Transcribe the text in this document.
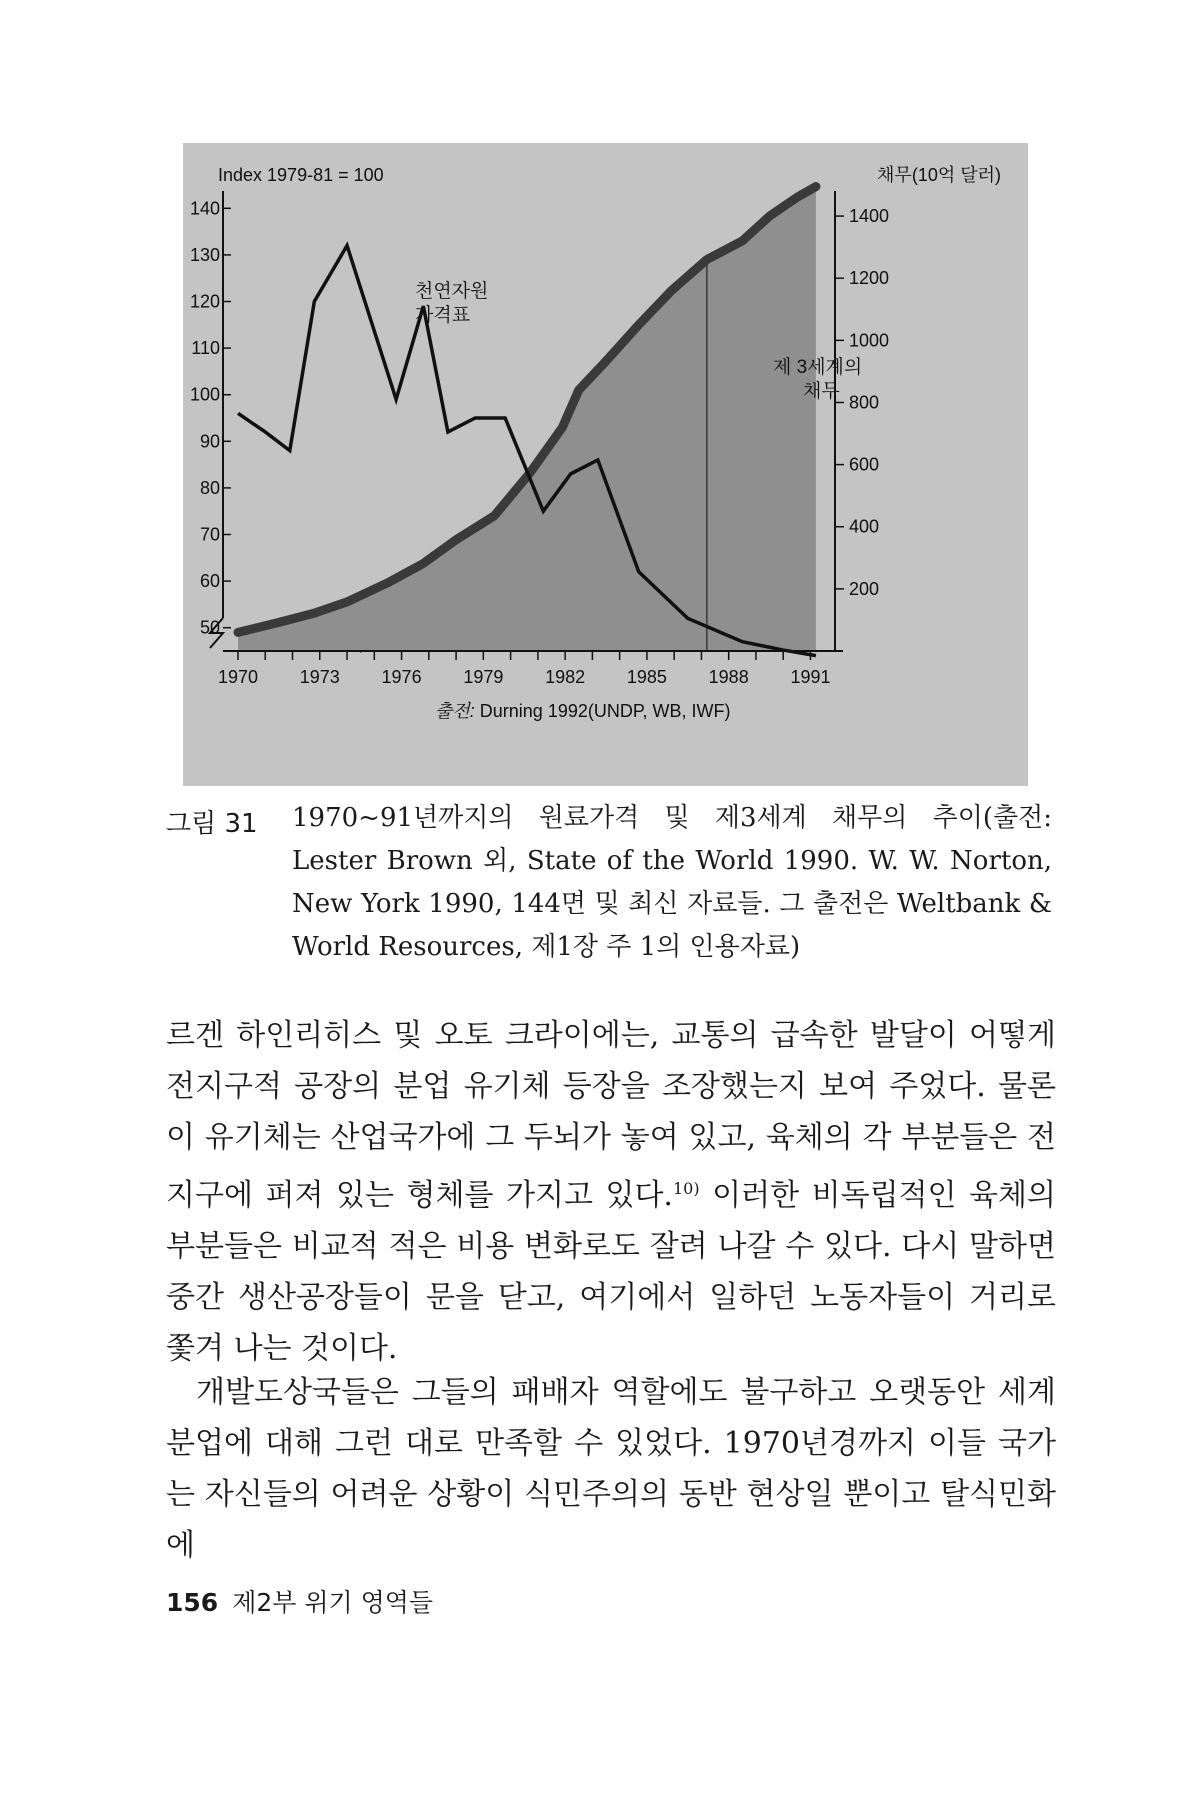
140
130
120
110
100
90
80
70
60
50
1400
1200
1000
800
600
400
200
1970 1973 1976 1979 1982 1985 1988 1991
Index 1979-81 = 100	채무(10억 달러)
천연자원
가격표
제 3세계의
채무
출전: Durning 1992(UNDP, WB, IWF)
그림 31 1970~91년까지의 원료가격 및 제3세계 채무의 추이(출전: Lester Brown 외, State of the World 1990. W. W. Norton, New York 1990, 144면 및 최신 자료들. 그 출전은 Weltbank & World Resources, 제1장 주 1의 인용자료)
르겐 하인리히스 및 오토 크라이에는, 교통의 급속한 발달이 어떻게 전지구적 공장의 분업 유기체 등장을 조장했는지 보여 주었다. 물론 이 유기체는 산업국가에 그 두뇌가 놓여 있고, 육체의 각 부분들은 전 지구에 퍼져 있는 형체를 가지고 있다.$^{10)}$ 이러한 비독립적인 육체의 부분들은 비교적 적은 비용 변화로도 잘려 나갈 수 있다. 다시 말하면 중간 생산공장들이 문을 닫고, 여기에서 일하던 노동자들이 거리로 쫓겨 나는 것이다.
개발도상국들은 그들의 패배자 역할에도 불구하고 오랫동안 세계 분업에 대해 그런 대로 만족할 수 있었다. 1970년경까지 이들 국가는 자신들의 어려운 상황이 식민주의의 동반 현상일 뿐이고 탈식민화에
156 제2부 위기 영역들
